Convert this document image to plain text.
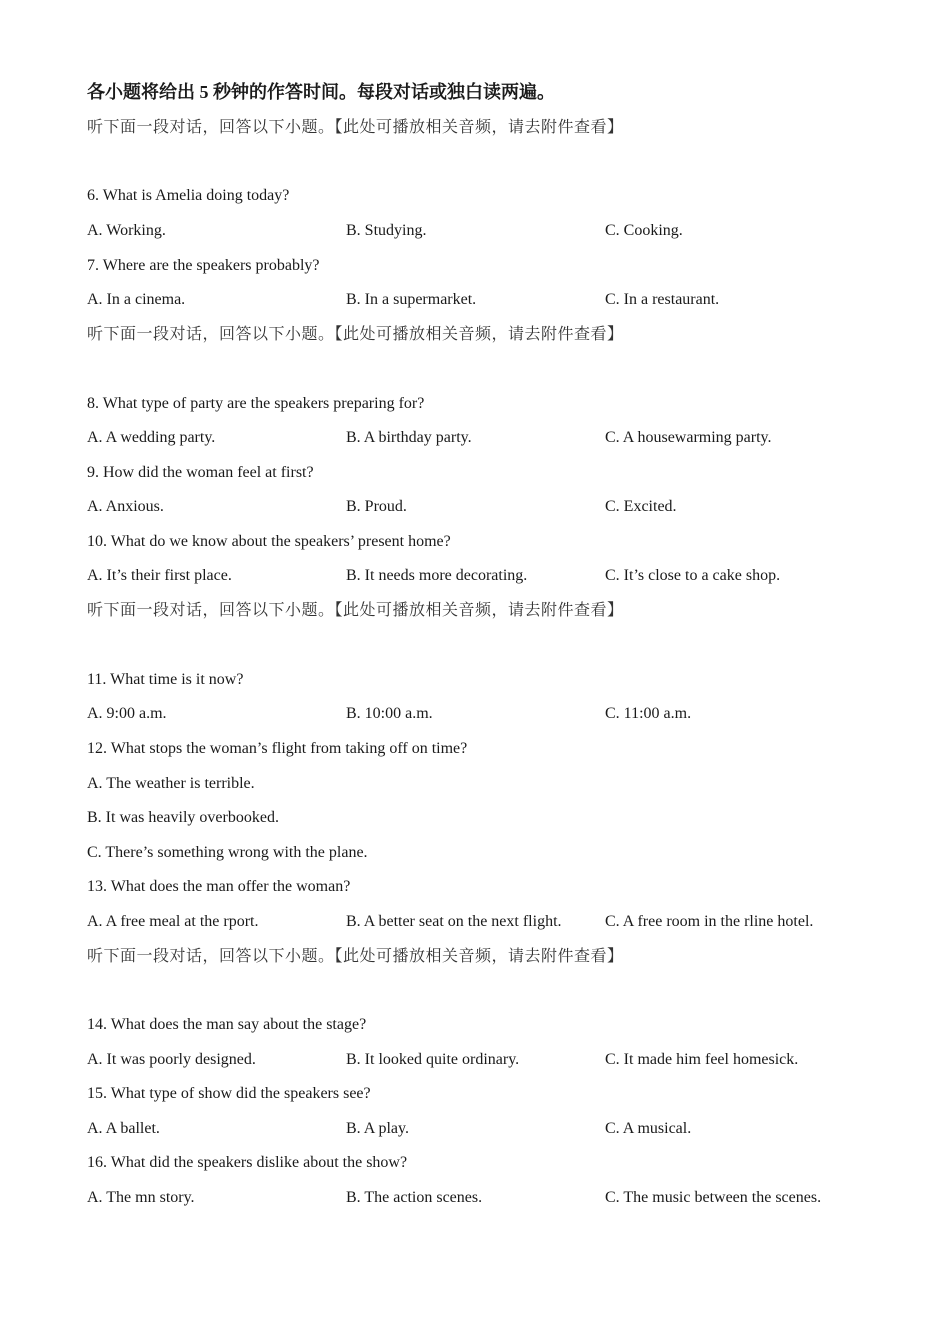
各小题将给出 5 秒钟的作答时间。每段对话或独白读两遍。
听下面一段对话，回答以下小题。【此处可播放相关音频，请去附件查看】
6. What is Amelia doing today?
A. Working.	B. Studying.	C. Cooking.
7. Where are the speakers probably?
A. In a cinema.	B. In a supermarket.	C. In a restaurant.
听下面一段对话，回答以下小题。【此处可播放相关音频，请去附件查看】
8. What type of party are the speakers preparing for?
A. A wedding party.	B. A birthday party.	C. A housewarming party.
9. How did the woman feel at first?
A. Anxious.	B. Proud.	C. Excited.
10. What do we know about the speakers’ present home?
A. It’s their first place.	B. It needs more decorating.	C. It’s close to a cake shop.
听下面一段对话，回答以下小题。【此处可播放相关音频，请去附件查看】
11. What time is it now?
A. 9:00 a.m.	B. 10:00 a.m.	C. 11:00 a.m.
12. What stops the woman’s flight from taking off on time?
A. The weather is terrible.
B. It was heavily overbooked.
C. There’s something wrong with the plane.
13. What does the man offer the woman?
A. A free meal at the rport.	B. A better seat on the next flight.	C. A free room in the rline hotel.
听下面一段对话，回答以下小题。【此处可播放相关音频，请去附件查看】
14. What does the man say about the stage?
A. It was poorly designed.	B. It looked quite ordinary.	C. It made him feel homesick.
15. What type of show did the speakers see?
A. A ballet.	B. A play.	C. A musical.
16. What did the speakers dislike about the show?
A. The mn story.	B. The action scenes.	C. The music between the scenes.
